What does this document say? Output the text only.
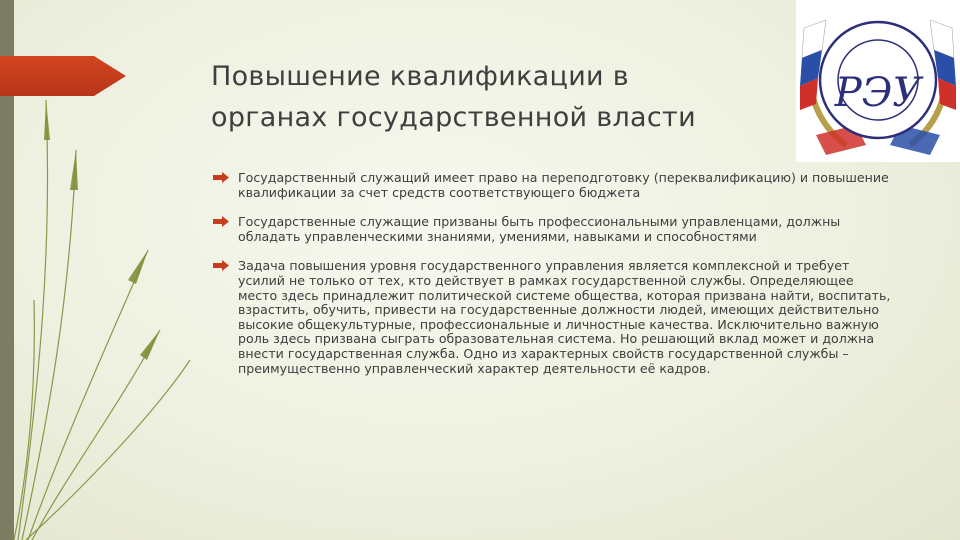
Повышение квалификации в органах государственной власти
РЭУ
Государственный служащий имеет право на переподготовку (переквалификацию) и повышение квалификации за счет средств соответствующего бюджета
Государственные служащие призваны быть профессиональными управленцами, должны обладать управленческими знаниями, умениями, навыками и способностями
Задача повышения уровня государственного управления является комплексной и требует усилий не только от тех, кто действует в рамках государственной службы. Определяющее место здесь принадлежит политической системе общества, которая призвана найти, воспитать, взрастить, обучить, привести на государственные должности людей, имеющих действительно высокие общекультурные, профессиональные и личностные качества. Исключительно важную роль здесь призвана сыграть образовательная система. Но решающий вклад может и должна внести государственная служба. Одно из характерных свойств государственной службы – преимущественно управленческий характер деятельности её кадров.
